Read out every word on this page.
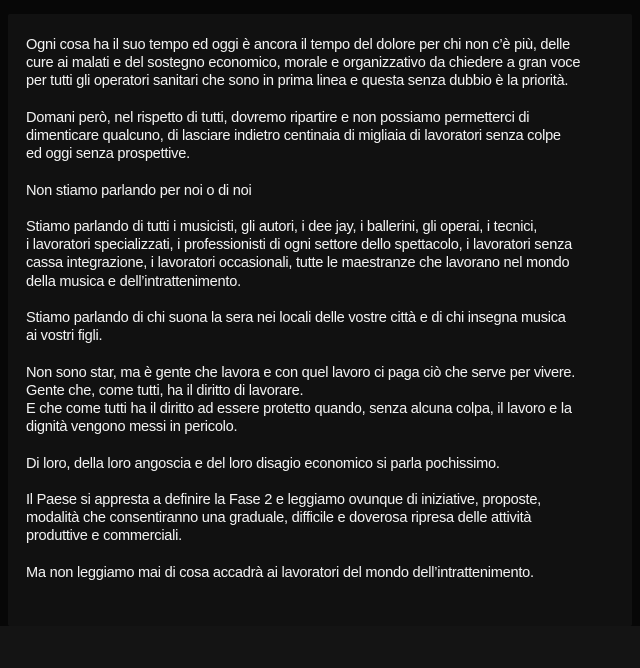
Ogni cosa ha il suo tempo ed oggi è ancora il tempo del dolore per chi non c’è più, delle
cure ai malati e del sostegno economico, morale e organizzativo da chiedere a gran voce
per tutti gli operatori sanitari che sono in prima linea e questa senza dubbio è la priorità.

Domani però, nel rispetto di tutti, dovremo ripartire e non possiamo permetterci di
dimenticare qualcuno, di lasciare indietro centinaia di migliaia di lavoratori senza colpe
ed oggi senza prospettive.

Non stiamo parlando per noi o di noi

Stiamo parlando di tutti i musicisti, gli autori, i dee jay, i ballerini, gli operai, i tecnici,
i lavoratori specializzati, i professionisti di ogni settore dello spettacolo, i lavoratori senza
cassa integrazione, i lavoratori occasionali, tutte le maestranze che lavorano nel mondo
della musica e dell’intrattenimento.

Stiamo parlando di chi suona la sera nei locali delle vostre città e di chi insegna musica
ai vostri figli.

Non sono star, ma è gente che lavora e con quel lavoro ci paga ciò che serve per vivere.
Gente che, come tutti, ha il diritto di lavorare.
E che come tutti ha il diritto ad essere protetto quando, senza alcuna colpa, il lavoro e la
dignità vengono messi in pericolo.

Di loro, della loro angoscia e del loro disagio economico si parla pochissimo.

Il Paese si appresta a definire la Fase 2 e leggiamo ovunque di iniziative, proposte,
modalità che consentiranno una graduale, difficile e doverosa ripresa delle attività
produttive e commerciali.

Ma non leggiamo mai di cosa accadrà ai lavoratori del mondo dell’intrattenimento.
